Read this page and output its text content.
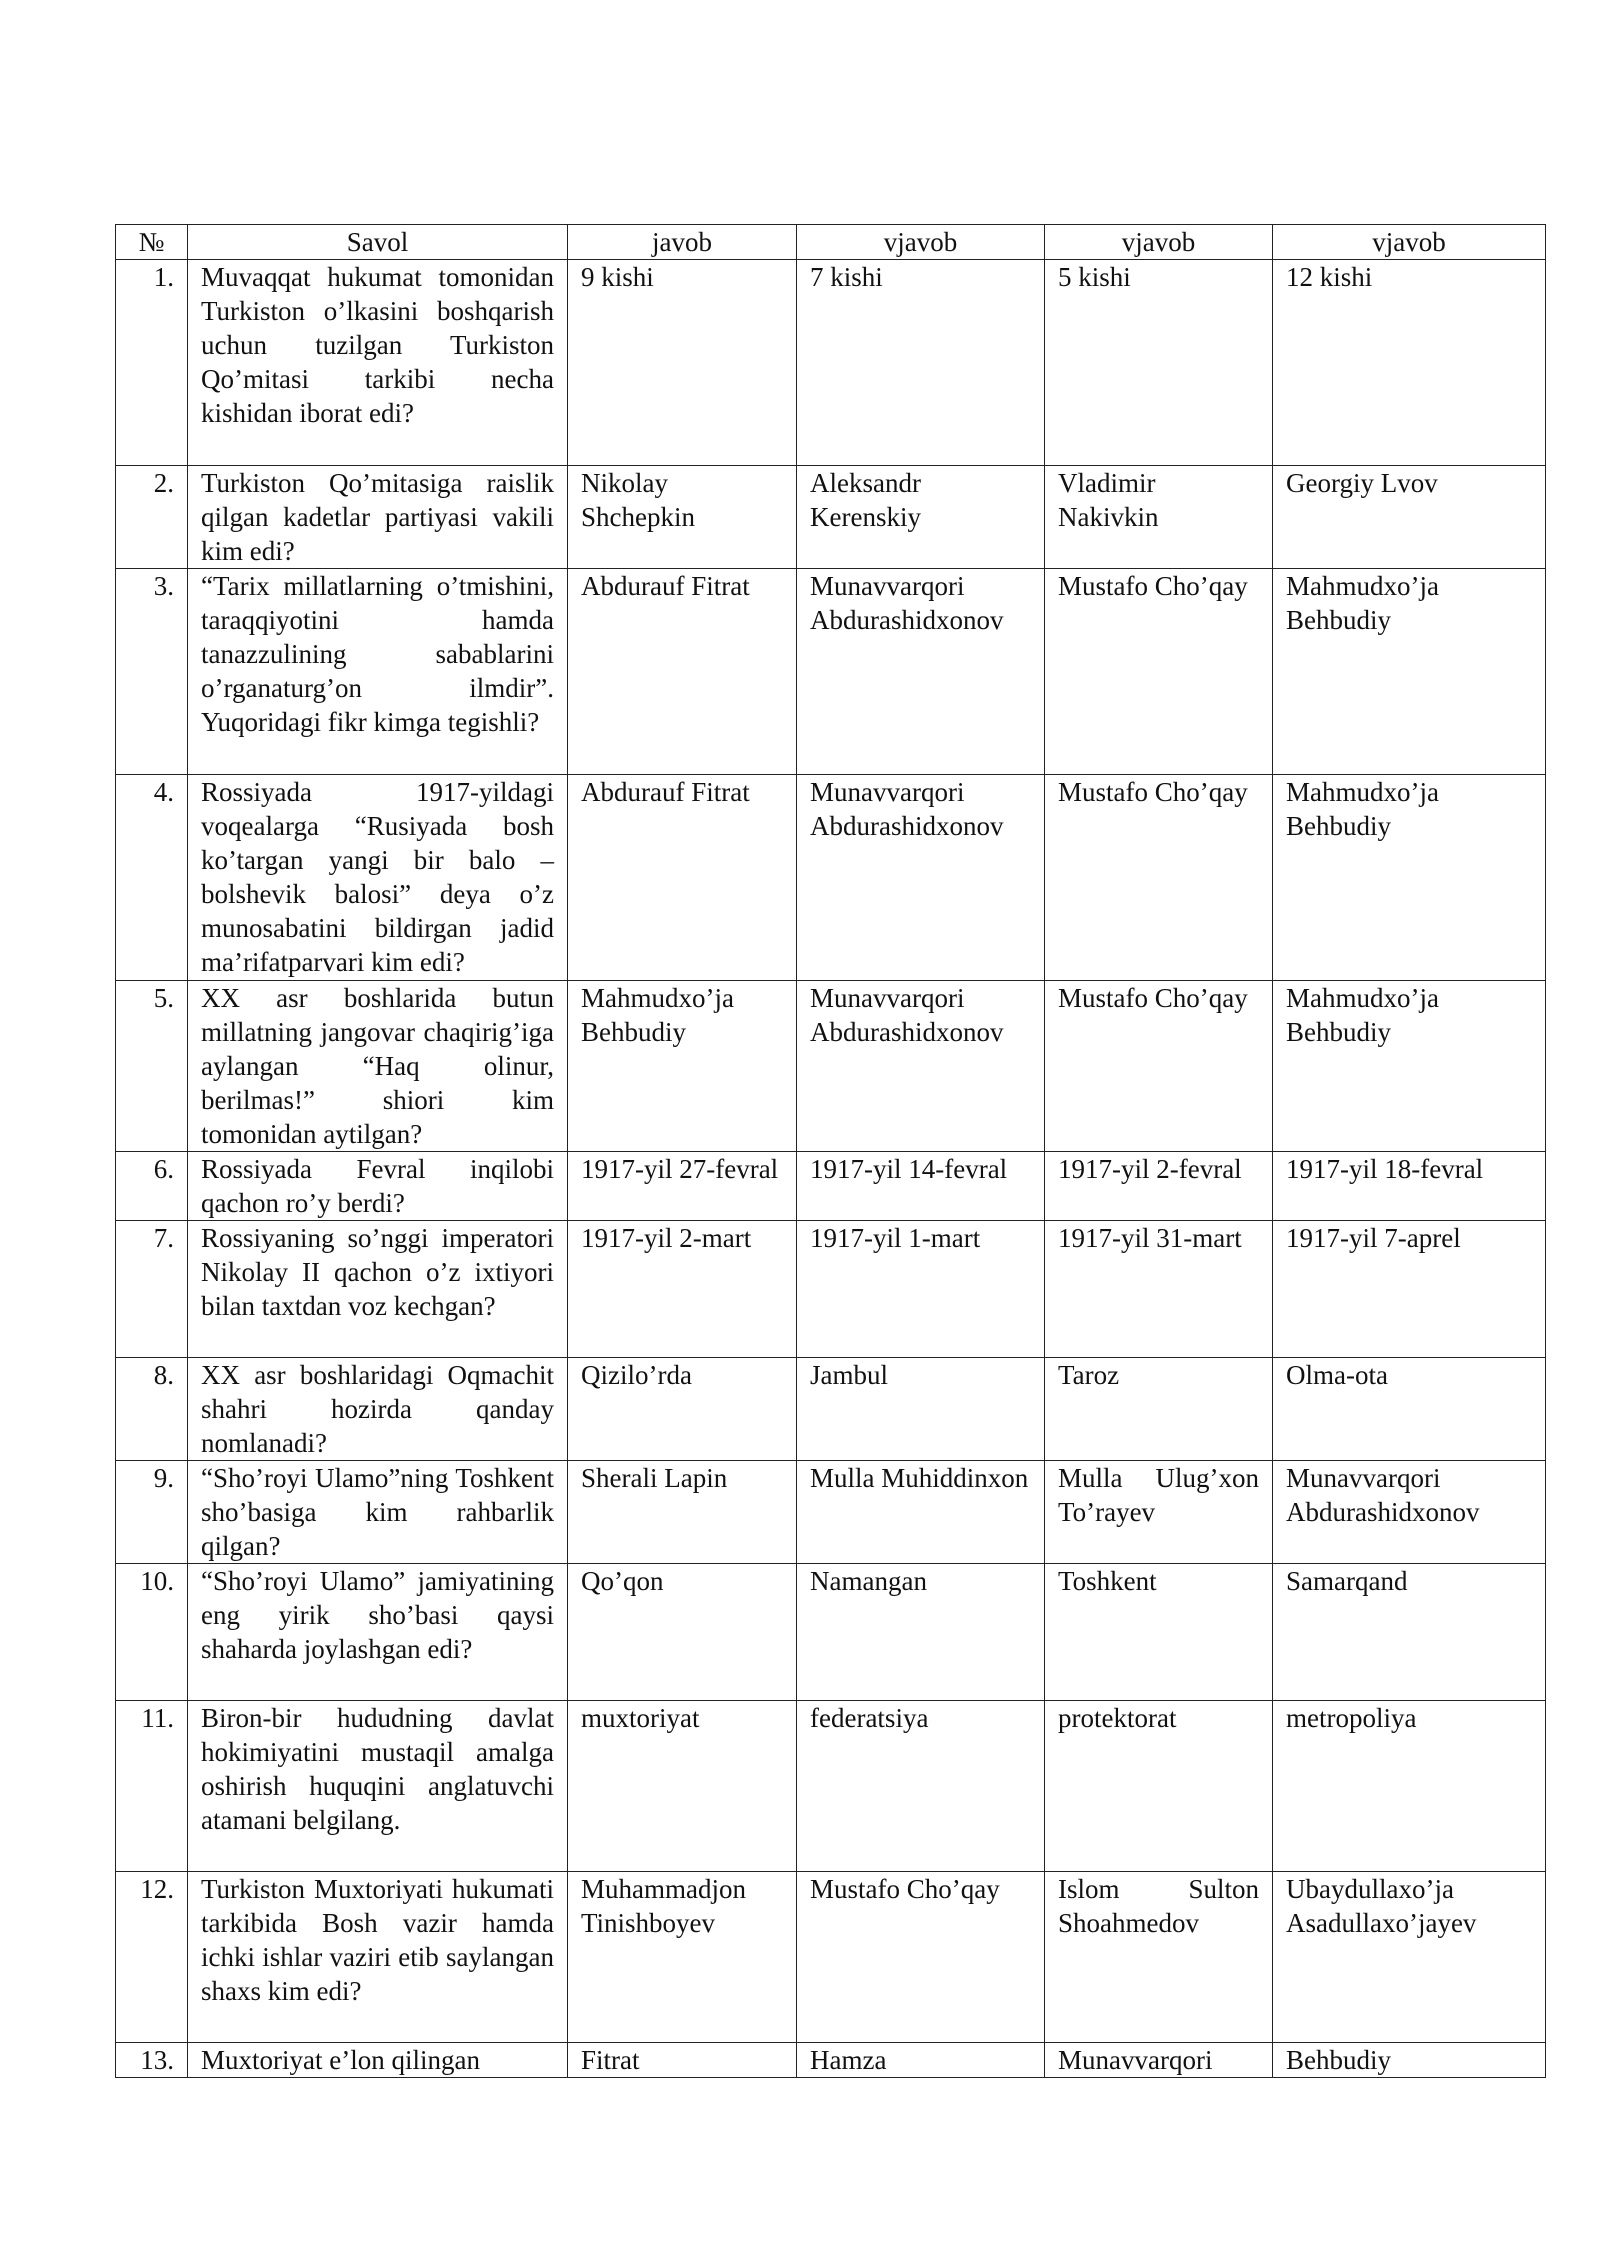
№	Savol	javob	vjavob	vjavob	vjavob
1.	Muvaqqat hukumat tomonidan Turkiston o’lkasini boshqarish uchun tuzilgan Turkiston Qo’mitasi tarkibi necha kishidan iborat edi?	9 kishi	7 kishi	5 kishi	12 kishi
2.	Turkiston Qo’mitasiga raislik qilgan kadetlar partiyasi vakili kim edi?	Nikolay Shchepkin	Aleksandr Kerenskiy	Vladimir Nakivkin	Georgiy Lvov
3.	“Tarix millatlarning o’tmishini, taraqqiyotini hamda tanazzulining sabablarini o’rganaturg’on ilmdir”. Yuqoridagi fikr kimga tegishli?	Abdurauf Fitrat	Munavvarqori Abdurashidxonov	Mustafo Cho’qay	Mahmudxo’ja Behbudiy
4.	Rossiyada 1917-yildagi voqealarga “Rusiyada bosh ko’targan yangi bir balo – bolshevik balosi” deya o’z munosabatini bildirgan jadid ma’rifatparvari kim edi?	Abdurauf Fitrat	Munavvarqori Abdurashidxonov	Mustafo Cho’qay	Mahmudxo’ja Behbudiy
5.	XX asr boshlarida butun millatning jangovar chaqirig’iga aylangan “Haq olinur, berilmas!” shiori kim tomonidan aytilgan?	Mahmudxo’ja Behbudiy	Munavvarqori Abdurashidxonov	Mustafo Cho’qay	Mahmudxo’ja Behbudiy
6.	Rossiyada Fevral inqilobi qachon ro’y berdi?	1917-yil 27-fevral	1917-yil 14-fevral	1917-yil 2-fevral	1917-yil 18-fevral
7.	Rossiyaning so’nggi imperatori Nikolay II qachon o’z ixtiyori bilan taxtdan voz kechgan?	1917-yil 2-mart	1917-yil 1-mart	1917-yil 31-mart	1917-yil 7-aprel
8.	XX asr boshlaridagi Oqmachit shahri hozirda qanday nomlanadi?	Qizilo’rda	Jambul	Taroz	Olma-ota
9.	“Sho’royi Ulamo”ning Toshkent sho’basiga kim rahbarlik qilgan?	Sherali Lapin	Mulla Muhiddinxon	Mulla Ulug’xon To’rayev	Munavvarqori Abdurashidxonov
10.	“Sho’royi Ulamo” jamiyatining eng yirik sho’basi qaysi shaharda joylashgan edi?	Qo’qon	Namangan	Toshkent	Samarqand
11.	Biron-bir hududning davlat hokimiyatini mustaqil amalga oshirish huquqini anglatuvchi atamani belgilang.	muxtoriyat	federatsiya	protektorat	metropoliya
12.	Turkiston Muxtoriyati hukumati tarkibida Bosh vazir hamda ichki ishlar vaziri etib saylangan shaxs kim edi?	Muhammadjon Tinishboyev	Mustafo Cho’qay	Islom Sulton Shoahmedov	Ubaydullaxo’ja Asadullaxo’jayev
13.	Muxtoriyat e’lon qilingan	Fitrat	Hamza	Munavvarqori	Behbudiy
